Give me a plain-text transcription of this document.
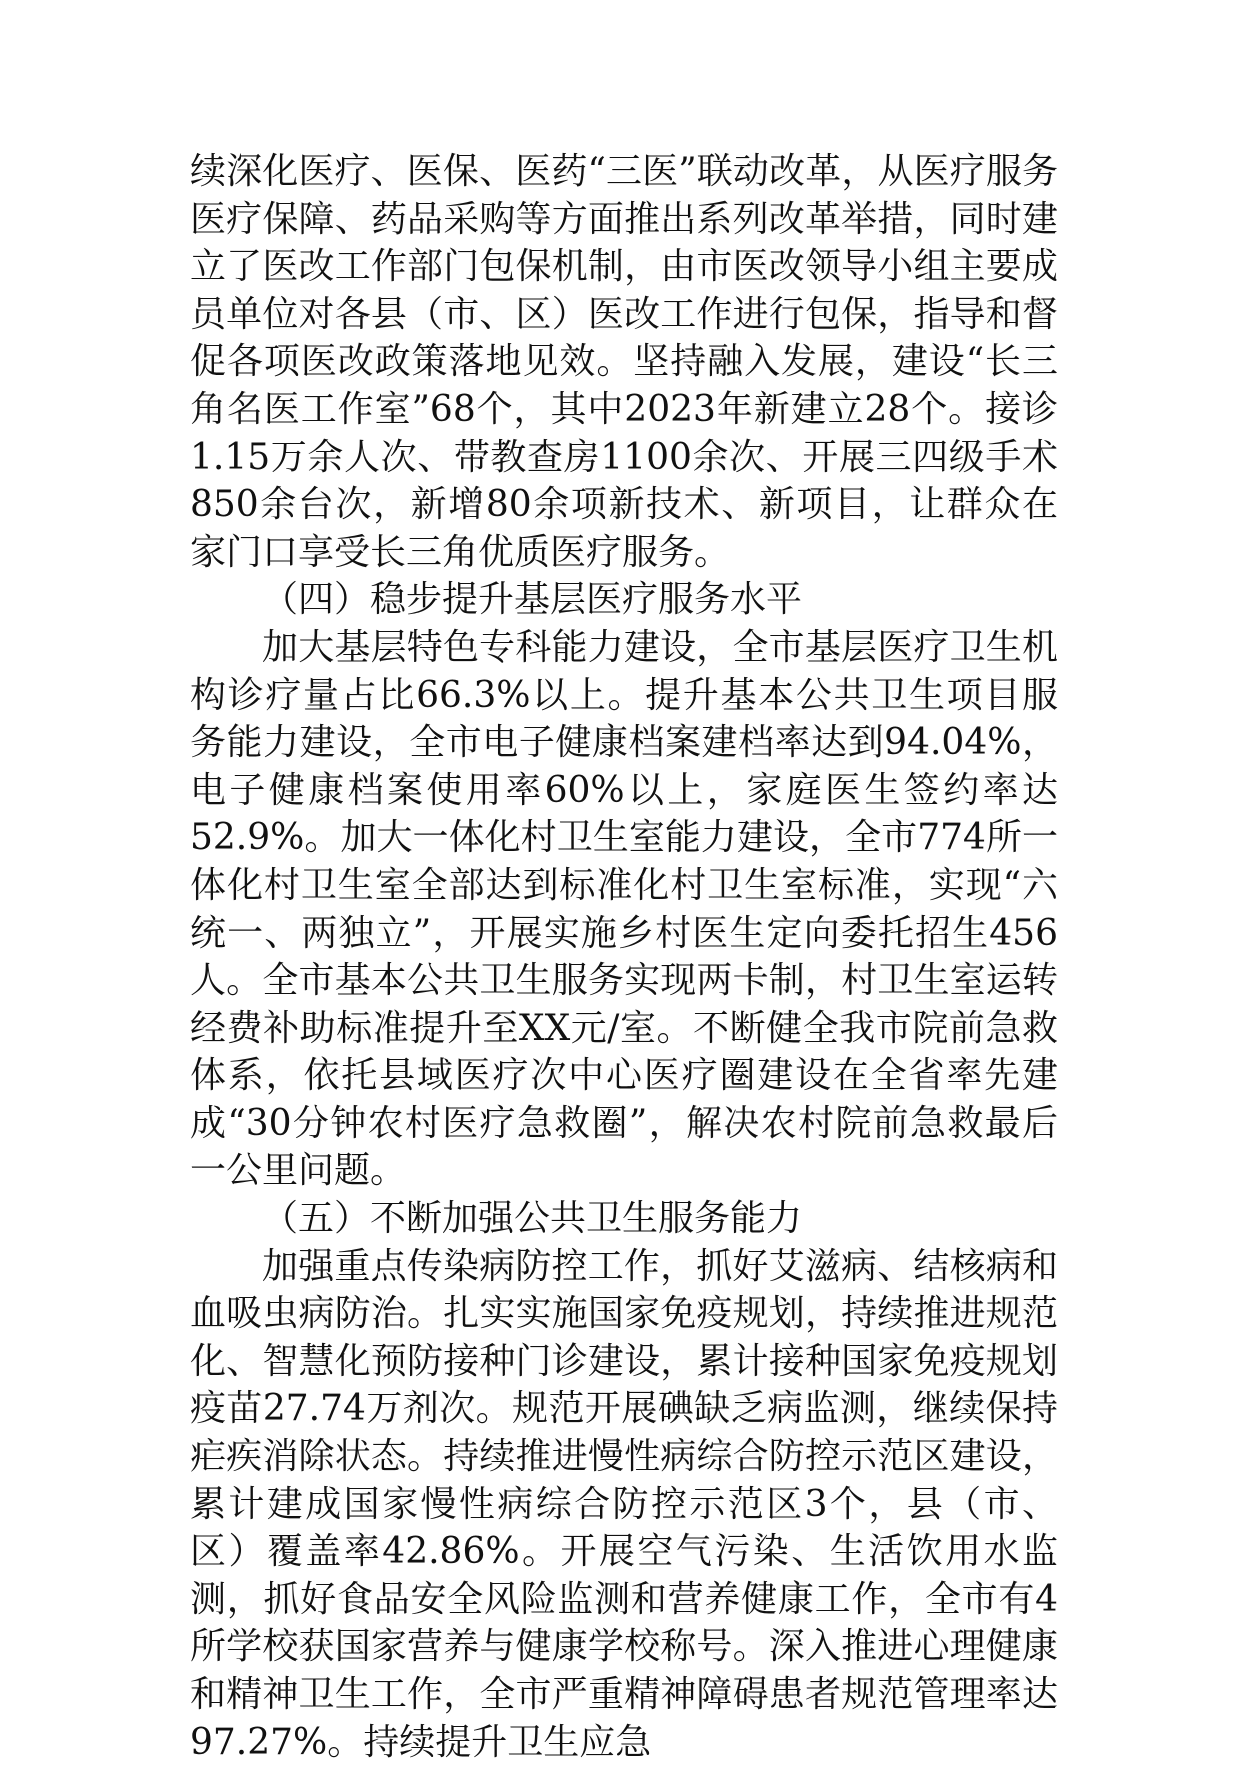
续深化医疗、医保、医药“三医”联动改革，从医疗服务医疗保障、药品采购等方面推出系列改革举措，同时建立了医改工作部门包保机制，由市医改领导小组主要成员单位对各县（市、区）医改工作进行包保，指导和督促各项医改政策落地见效。坚持融入发展，建设“长三角名医工作室”68个，其中2023年新建立28个。接诊1.15万余人次、带教查房1100余次、开展三四级手术850余台次，新增80余项新技术、新项目，让群众在家门口享受长三角优质医疗服务。

（四）稳步提升基层医疗服务水平

加大基层特色专科能力建设，全市基层医疗卫生机构诊疗量占比66.3%以上。提升基本公共卫生项目服务能力建设，全市电子健康档案建档率达到94.04%，电子健康档案使用率60%以上，家庭医生签约率达52.9%。加大一体化村卫生室能力建设，全市774所一体化村卫生室全部达到标准化村卫生室标准，实现“六统一、两独立”，开展实施乡村医生定向委托招生456人。全市基本公共卫生服务实现两卡制，村卫生室运转经费补助标准提升至XX元/室。不断健全我市院前急救体系，依托县域医疗次中心医疗圈建设在全省率先建成“30分钟农村医疗急救圈”，解决农村院前急救最后一公里问题。

（五）不断加强公共卫生服务能力

加强重点传染病防控工作，抓好艾滋病、结核病和血吸虫病防治。扎实实施国家免疫规划，持续推进规范化、智慧化预防接种门诊建设，累计接种国家免疫规划疫苗27.74万剂次。规范开展碘缺乏病监测，继续保持疟疾消除状态。持续推进慢性病综合防控示范区建设，累计建成国家慢性病综合防控示范区3个，县（市、区）覆盖率42.86%。开展空气污染、生活饮用水监测，抓好食品安全风险监测和营养健康工作，全市有4所学校获国家营养与健康学校称号。深入推进心理健康和精神卫生工作，全市严重精神障碍患者规范管理率达97.27%。持续提升卫生应急
